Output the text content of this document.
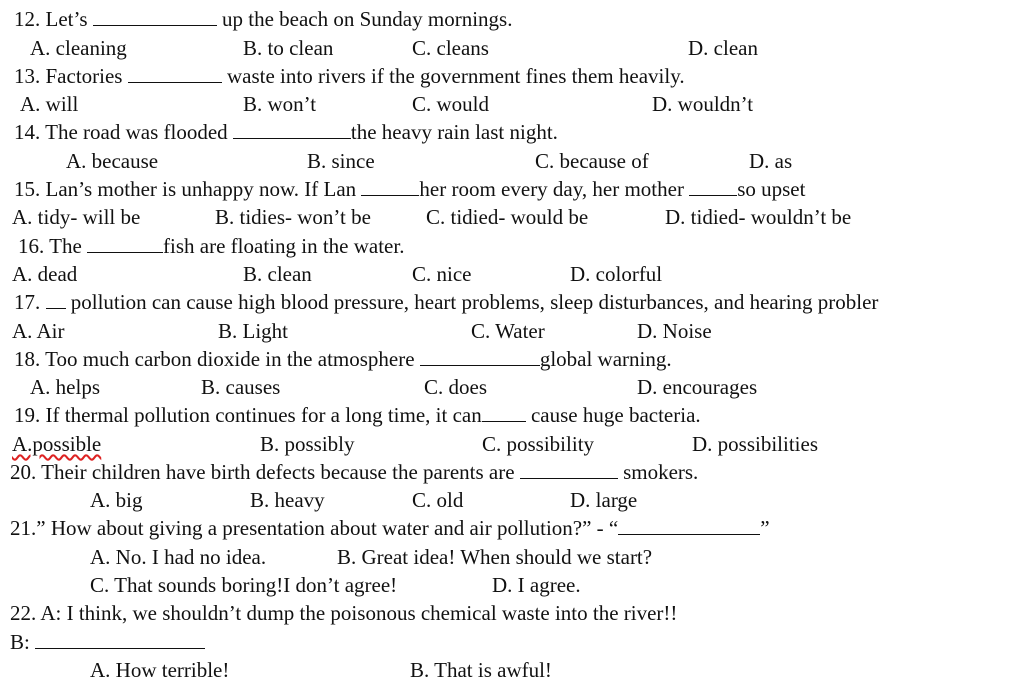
12. Let’s	up the beach on Sunday mornings.
A. cleaning	B. to clean	C. cleans	D. clean
13. Factories	waste into rivers if the government fines them heavily.
A. will	B. won’t	C. would	D. wouldn’t
14. The road was flooded	the heavy rain last night.
A. because	B. since	C. because of	D. as
15. Lan’s mother is unhappy now. If Lan	her room every day, her mother	so upset
A. tidy- will be	B. tidies- won’t be	C. tidied- would be	D. tidied- wouldn’t be
16. The	fish are floating in the water.
A. dead	B. clean	C. nice	D. colorful
17. pollution can cause high blood pressure, heart problems, sleep disturbances, and hearing probler
A. Air	B. Light	C. Water	D. Noise
18. Too much carbon dioxide in the atmosphere	global warning.
A. helps	B. causes	C. does	D. encourages
19. If thermal pollution continues for a long time, it can cause huge bacteria.
A.possible	B. possibly	C. possibility	D. possibilities
20. Their children have birth defects because the parents are	smokers.
A. big	B. heavy	C. old	D. large
21.” How about giving a presentation about water and air pollution?” - “	”
A. No. I had no idea.	B. Great idea! When should we start?
C. That sounds boring!I don’t agree!	D. I agree.
22. A: I think, we shouldn’t dump the poisonous chemical waste into the river!!
B:
A. How terrible!	B. That is awful!
